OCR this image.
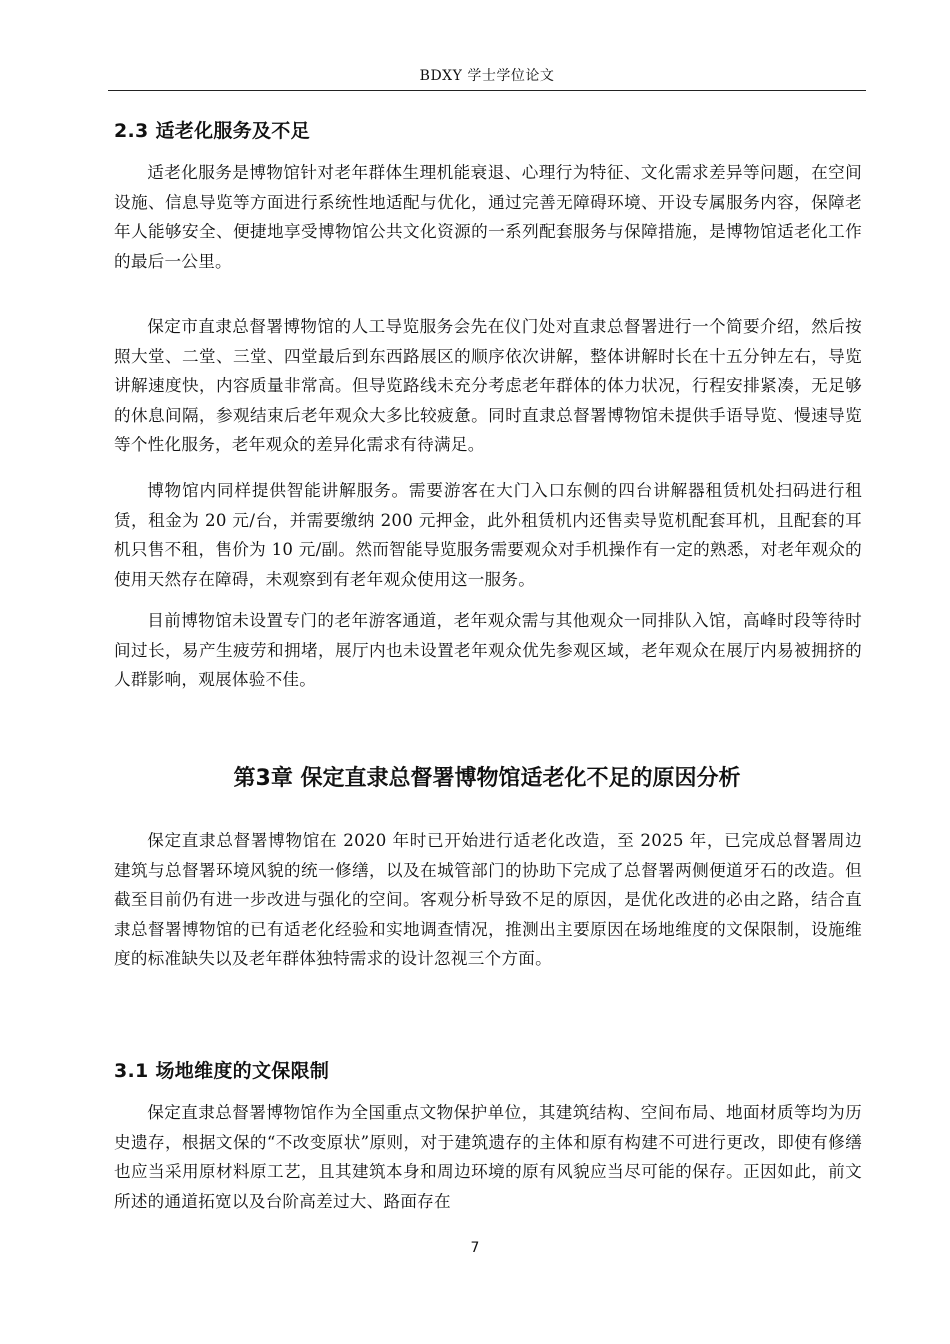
BDXY 学士学位论文
2.3 适老化服务及不足

适老化服务是博物馆针对老年群体生理机能衰退、心理行为特征、文化需求差异等问题，在空间设施、信息导览等方面进行系统性地适配与优化，通过完善无障碍环境、开设专属服务内容，保障老年人能够安全、便捷地享受博物馆公共文化资源的一系列配套服务与保障措施，是博物馆适老化工作的最后一公里。

保定市直隶总督署博物馆的人工导览服务会先在仪门处对直隶总督署进行一个简要介绍，然后按照大堂、二堂、三堂、四堂最后到东西路展区的顺序依次讲解，整体讲解时长在十五分钟左右，导览讲解速度快，内容质量非常高。但导览路线未充分考虑老年群体的体力状况，行程安排紧凑，无足够的休息间隔，参观结束后老年观众大多比较疲惫。同时直隶总督署博物馆未提供手语导览、慢速导览等个性化服务，老年观众的差异化需求有待满足。

博物馆内同样提供智能讲解服务。需要游客在大门入口东侧的四台讲解器租赁机处扫码进行租赁，租金为 20 元/台，并需要缴纳 200 元押金，此外租赁机内还售卖导览机配套耳机，且配套的耳机只售不租，售价为 10 元/副。然而智能导览服务需要观众对手机操作有一定的熟悉，对老年观众的使用天然存在障碍，未观察到有老年观众使用这一服务。

目前博物馆未设置专门的老年游客通道，老年观众需与其他观众一同排队入馆，高峰时段等待时间过长，易产生疲劳和拥堵，展厅内也未设置老年观众优先参观区域，老年观众在展厅内易被拥挤的人群影响，观展体验不佳。

第3章 保定直隶总督署博物馆适老化不足的原因分析

保定直隶总督署博物馆在 2020 年时已开始进行适老化改造，至 2025 年，已完成总督署周边建筑与总督署环境风貌的统一修缮，以及在城管部门的协助下完成了总督署两侧便道牙石的改造。但截至目前仍有进一步改进与强化的空间。客观分析导致不足的原因，是优化改进的必由之路，结合直隶总督署博物馆的已有适老化经验和实地调查情况，推测出主要原因在场地维度的文保限制，设施维度的标准缺失以及老年群体独特需求的设计忽视三个方面。

3.1 场地维度的文保限制

保定直隶总督署博物馆作为全国重点文物保护单位，其建筑结构、空间布局、地面材质等均为历史遗存，根据文保的“不改变原状”原则，对于建筑遗存的主体和原有构建不可进行更改，即使有修缮也应当采用原材料原工艺，且其建筑本身和周边环境的原有风貌应当尽可能的保存。正因如此，前文所述的通道拓宽以及台阶高差过大、路面存在

7
